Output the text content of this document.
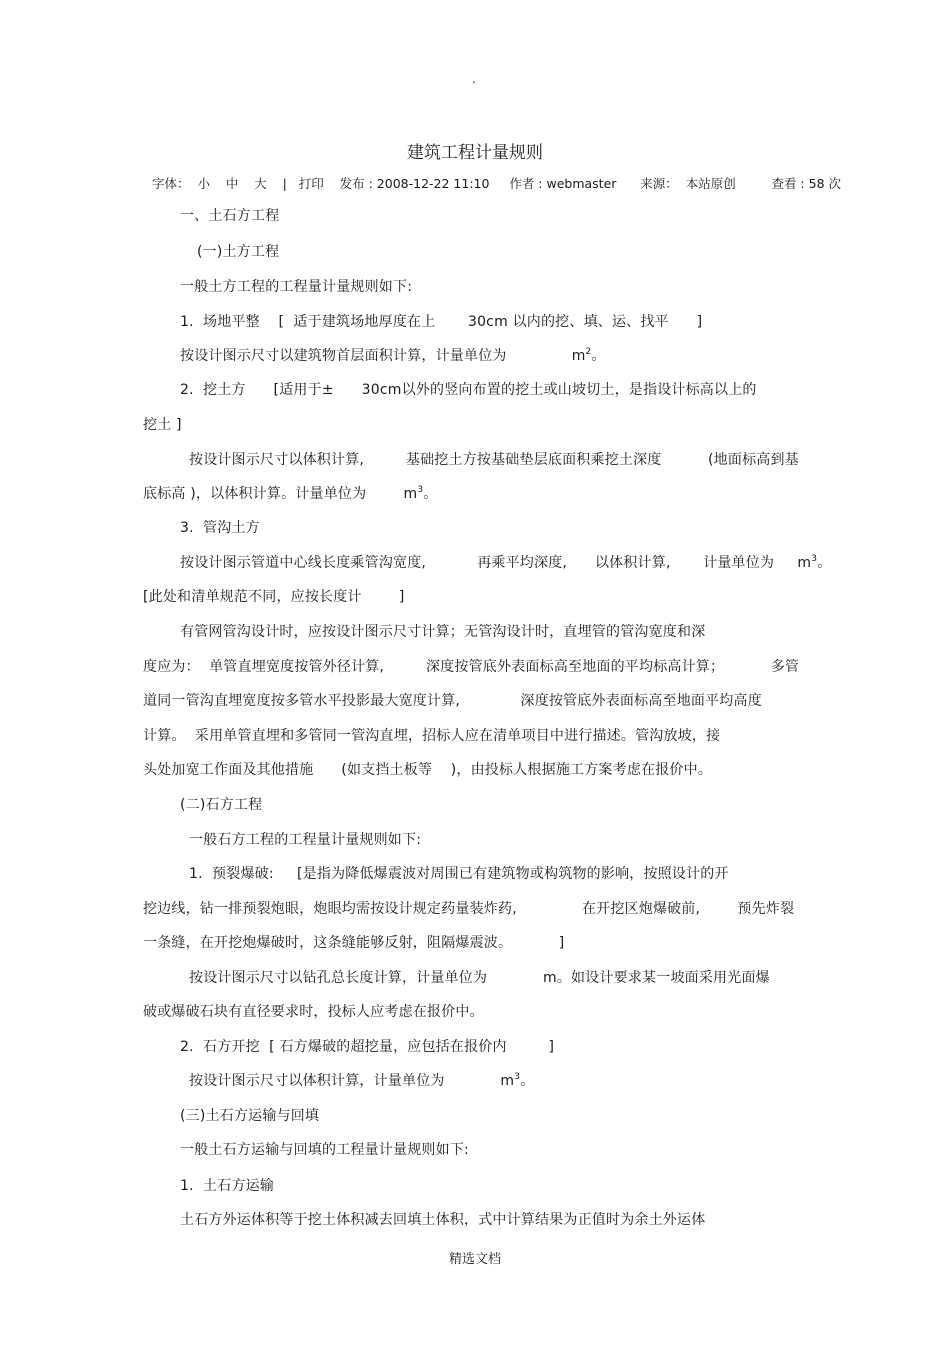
.
建筑工程计量规则
字体：  小    中    大    |   打印    发布 : 2008-12-22 11:10     作者 : webmaster      来源：  本站原创         查看 : 58 次
一、土石方工程
(一)土方工程
一般土方工程的工程量计量规则如下:
1.  场地平整    [  适于建筑场地厚度在上       30cm 以内的挖、填、运、找平      ]
按设计图示尺寸以建筑物首层面积计算，计量单位为              $m^2$。
2.  挖土方      [适用于±      30cm以外的竖向布置的挖土或山坡切土，是指设计标高以上的
挖土 ]
按设计图示尺寸以体积计算,         基础挖土方按基础垫层底面积乘挖土深度          (地面标高到基
底标高 )，以体积计算。计量单位为        $m^3$。
3.  管沟土方
按设计图示管道中心线长度乘管沟宽度,           再乘平均深度,      以体积计算,       计量单位为     $m^3$。
[此处和清单规范不同，应按长度计        ]
有管网管沟设计时，应按设计图示尺寸计算；无管沟设计时，直埋管的管沟宽度和深
度应为：  单管直埋宽度按管外径计算,         深度按管底外表面标高至地面的平均标高计算；          多管
道同一管沟直埋宽度按多管水平投影最大宽度计算,             深度按管底外表面标高至地面平均高度
计算。  采用单管直埋和多管同一管沟直埋，招标人应在清单项目中进行描述。管沟放坡，接
头处加宽工作面及其他措施      (如支挡土板等    )，由投标人根据施工方案考虑在报价中。
(二)石方工程
一般石方工程的工程量计量规则如下:
1.  预裂爆破:     [是指为降低爆震波对周围已有建筑物或构筑物的影响，按照设计的开
挖边线，钻一排预裂炮眼，炮眼均需按设计规定药量装炸药,              在开挖区炮爆破前,        预先炸裂
一条缝，在开挖炮爆破时，这条缝能够反射，阻隔爆震波。          ]
按设计图示尺寸以钻孔总长度计算，计量单位为            m。如设计要求某一坡面采用光面爆
破或爆破石块有直径要求时，投标人应考虑在报价中。
2.  石方开挖  [ 石方爆破的超挖量，应包括在报价内         ]
按设计图示尺寸以体积计算，计量单位为            $m^3$。
(三)土石方运输与回填
一般土石方运输与回填的工程量计量规则如下:
1.  土石方运输
土石方外运体积等于挖土体积减去回填土体积，式中计算结果为正值时为余土外运体
精选文档
